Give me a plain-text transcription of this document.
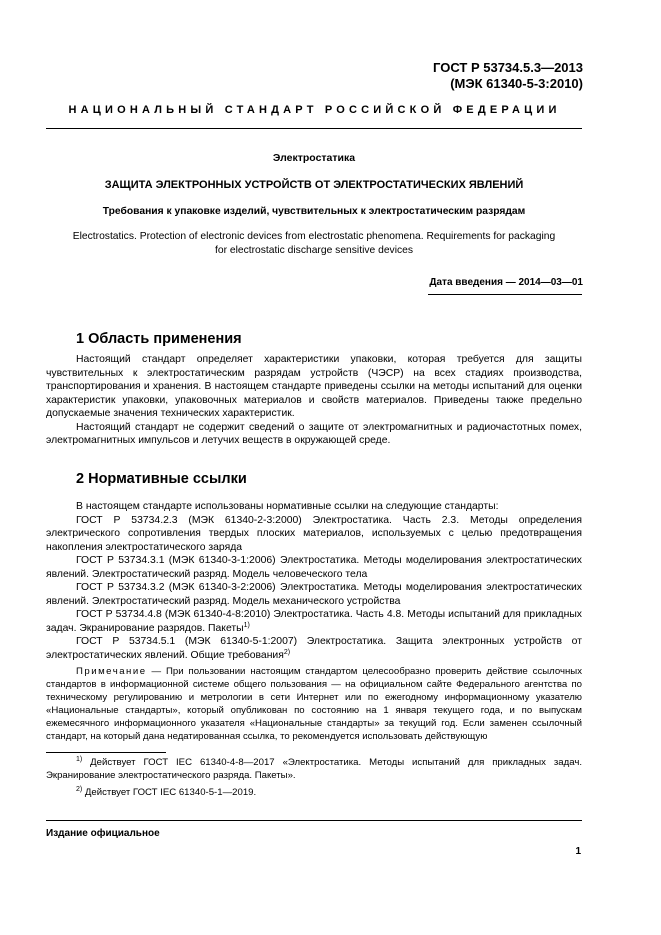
ГОСТ Р 53734.5.3—2013
(МЭК 61340-5-3:2010)
НАЦИОНАЛЬНЫЙ СТАНДАРТ РОССИЙСКОЙ ФЕДЕРАЦИИ
Электростатика
ЗАЩИТА ЭЛЕКТРОННЫХ УСТРОЙСТВ ОТ ЭЛЕКТРОСТАТИЧЕСКИХ ЯВЛЕНИЙ
Требования к упаковке изделий, чувствительных к электростатическим разрядам
Electrostatics. Protection of electronic devices from electrostatic phenomena. Requirements for packaging
for electrostatic discharge sensitive devices
Дата введения — 2014—03—01
1 Область применения

Настоящий стандарт определяет характеристики упаковки, которая требуется для защиты чувствительных к электростатическим разрядам устройств (ЧЭСР) на всех стадиях производства, транспортирования и хранения. В настоящем стандарте приведены ссылки на методы испытаний для оценки характеристик упаковки, упаковочных материалов и свойств материалов. Приведены также предельно допускаемые значения технических характеристик.

Настоящий стандарт не содержит сведений о защите от электромагнитных и радиочастотных помех, электромагнитных импульсов и летучих веществ в окружающей среде.

2 Нормативные ссылки

В настоящем стандарте использованы нормативные ссылки на следующие стандарты:

ГОСТ Р 53734.2.3 (МЭК 61340-2-3:2000) Электростатика. Часть 2.3. Методы определения электрического сопротивления твердых плоских материалов, используемых с целью предотвращения накопления электростатического заряда

ГОСТ Р 53734.3.1 (МЭК 61340-3-1:2006) Электростатика. Методы моделирования электростатических явлений. Электростатический разряд. Модель человеческого тела

ГОСТ Р 53734.3.2 (МЭК 61340-3-2:2006) Электростатика. Методы моделирования электростатических явлений. Электростатический разряд. Модель механического устройства

ГОСТ Р 53734.4.8 (МЭК 61340-4-8:2010) Электростатика. Часть 4.8. Методы испытаний для прикладных задач. Экранирование разрядов. Пакеты$^{1)}$

ГОСТ Р 53734.5.1 (МЭК 61340-5-1:2007) Электростатика. Защита электронных устройств от электростатических явлений. Общие требования$^{2)}$

Примечание — При пользовании настоящим стандартом целесообразно проверить действие ссылочных стандартов в информационной системе общего пользования — на официальном сайте Федерального агентства по техническому регулированию и метрологии в сети Интернет или по ежегодному информационному указателю «Национальные стандарты», который опубликован по состоянию на 1 января текущего года, и по выпускам ежемесячного информационного указателя «Национальные стандарты» за текущий год. Если заменен ссылочный стандарт, на который дана недатированная ссылка, то рекомендуется использовать действующую

$^{1)}$ Действует ГОСТ IEC 61340-4-8—2017 «Электростатика. Методы испытаний для прикладных задач. Экранирование электростатического разряда. Пакеты».

$^{2)}$ Действует ГОСТ IEC 61340-5-1—2019.

Издание официальное
1
